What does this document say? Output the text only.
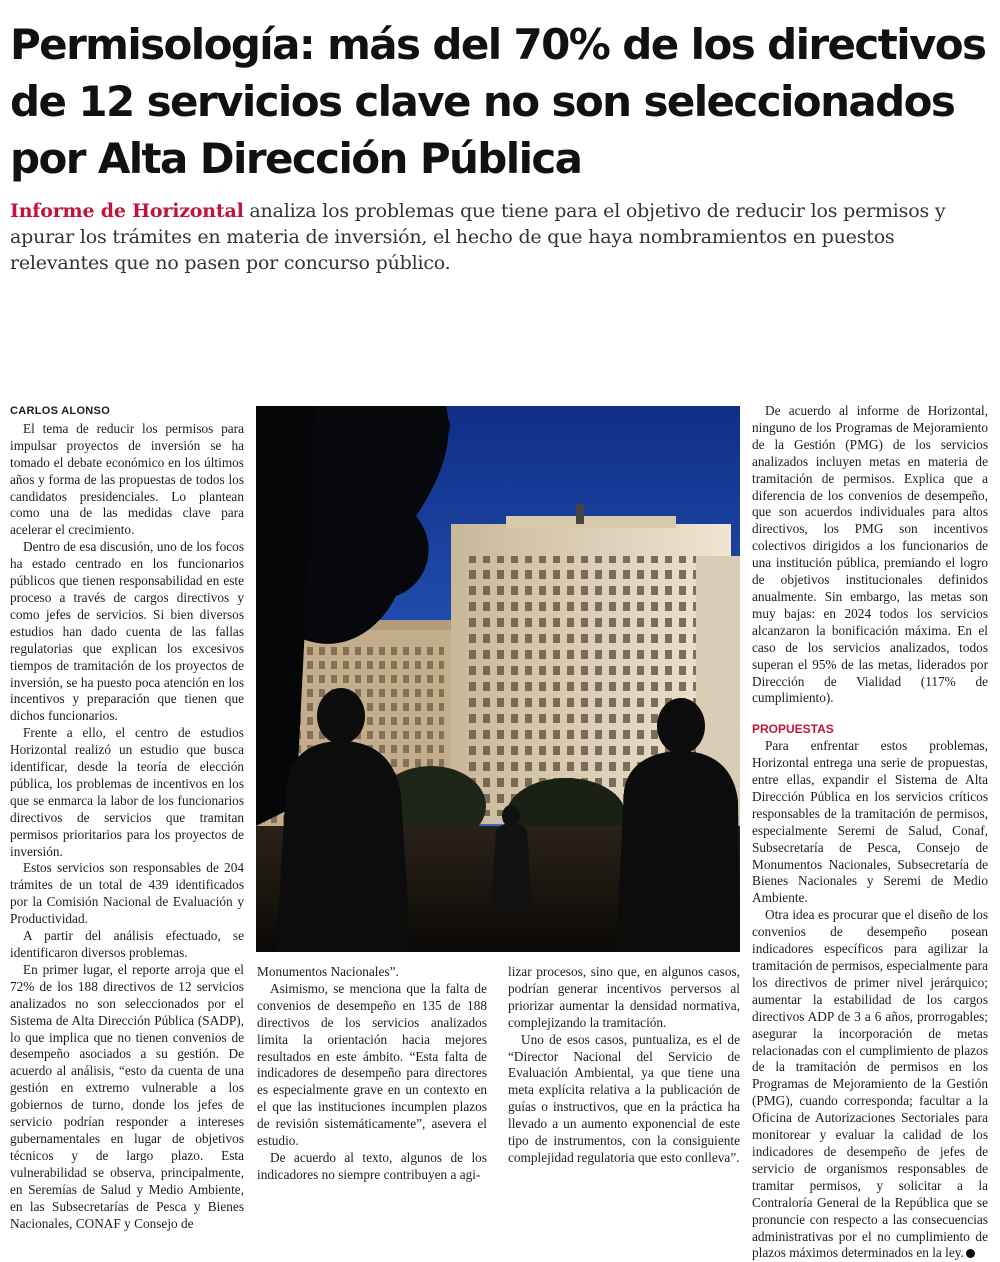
Permisología: más del 70% de los directivos
de 12 servicios clave no son seleccionados
por Alta Dirección Pública

Informe de Horizontal analiza los problemas que tiene para el objetivo de reducir los permisos y apurar los trámites en materia de inversión, el hecho de que haya nombramientos en puestos relevantes que no pasen por concurso público.

CARLOS ALONSO

El tema de reducir los permisos para impulsar proyectos de inversión se ha tomado el debate económico en los últimos años y forma de las propuestas de todos los candidatos presidenciales. Lo plantean como una de las medidas clave para acelerar el crecimiento.

Dentro de esa discusión, uno de los focos ha estado centrado en los funcionarios públicos que tienen responsabilidad en este proceso a través de cargos directivos y como jefes de servicios. Si bien diversos estudios han dado cuenta de las fallas regulatorias que explican los excesivos tiempos de tramitación de los proyectos de inversión, se ha puesto poca atención en los incentivos y preparación que tienen que dichos funcionarios.

Frente a ello, el centro de estudios Horizontal realizó un estudio que busca identificar, desde la teoría de elección pública, los problemas de incentivos en los que se enmarca la labor de los funcionarios directivos de servicios que tramitan permisos prioritarios para los proyectos de inversión.

Estos servicios son responsables de 204 trámites de un total de 439 identificados por la Comisión Nacional de Evaluación y Productividad.

A partir del análisis efectuado, se identificaron diversos problemas.

En primer lugar, el reporte arroja que el 72% de los 188 directivos de 12 servicios analizados no son seleccionados por el Sistema de Alta Dirección Pública (SADP), lo que implica que no tienen convenios de desempeño asociados a su gestión. De acuerdo al análisis, “esto da cuenta de una gestión en extremo vulnerable a los gobiernos de turno, donde los jefes de servicio podrían responder a intereses gubernamentales en lugar de objetivos técnicos y de largo plazo. Esta vulnerabilidad se observa, principalmente, en Seremías de Salud y Medio Ambiente, en las Subsecretarías de Pesca y Bienes Nacionales, CONAF y Consejo de

Monumentos Nacionales”.

Asimismo, se menciona que la falta de convenios de desempeño en 135 de 188 directivos de los servicios analizados limita la orientación hacia mejores resultados en este ámbito. “Esta falta de indicadores de desempeño para directores es especialmente grave en un contexto en el que las instituciones incumplen plazos de revisión sistemáticamente”, asevera el estudio.

De acuerdo al texto, algunos de los indicadores no siempre contribuyen a agi-

lizar procesos, sino que, en algunos casos, podrían generar incentivos perversos al priorizar aumentar la densidad normativa, complejizando la tramitación.

Uno de esos casos, puntualiza, es el de “Director Nacional del Servicio de Evaluación Ambiental, ya que tiene una meta explícita relativa a la publicación de guías o instructivos, que en la práctica ha llevado a un aumento exponencial de este tipo de instrumentos, con la consiguiente complejidad regulatoria que esto conlleva”.

De acuerdo al informe de Horizontal, ninguno de los Programas de Mejoramiento de la Gestión (PMG) de los servicios analizados incluyen metas en materia de tramitación de permisos. Explica que a diferencia de los convenios de desempeño, que son acuerdos individuales para altos directivos, los PMG son incentivos colectivos dirigidos a los funcionarios de una institución pública, premiando el logro de objetivos institucionales definidos anualmente. Sin embargo, las metas son muy bajas: en 2024 todos los servicios alcanzaron la bonificación máxima. En el caso de los servicios analizados, todos superan el 95% de las metas, liderados por Dirección de Vialidad (117% de cumplimiento).

PROPUESTAS

Para enfrentar estos problemas, Horizontal entrega una serie de propuestas, entre ellas, expandir el Sistema de Alta Dirección Pública en los servicios críticos responsables de la tramitación de permisos, especialmente Seremi de Salud, Conaf, Subsecretaría de Pesca, Consejo de Monumentos Nacionales, Subsecretaría de Bienes Nacionales y Seremi de Medio Ambiente.

Otra idea es procurar que el diseño de los convenios de desempeño posean indicadores específicos para agilizar la tramitación de permisos, especialmente para los directivos de primer nivel jerárquico; aumentar la estabilidad de los cargos directivos ADP de 3 a 6 años, prorrogables; asegurar la incorporación de metas relacionadas con el cumplimiento de plazos de la tramitación de permisos en los Programas de Mejoramiento de la Gestión (PMG), cuando corresponda; facultar a la Oficina de Autorizaciones Sectoriales para monitorear y evaluar la calidad de los indicadores de desempeño de jefes de servicio de organismos responsables de tramitar permisos, y solicitar a la Contraloría General de la República que se pronuncie con respecto a las consecuencias administrativas por el no cumplimiento de plazos máximos determinados en la ley.
